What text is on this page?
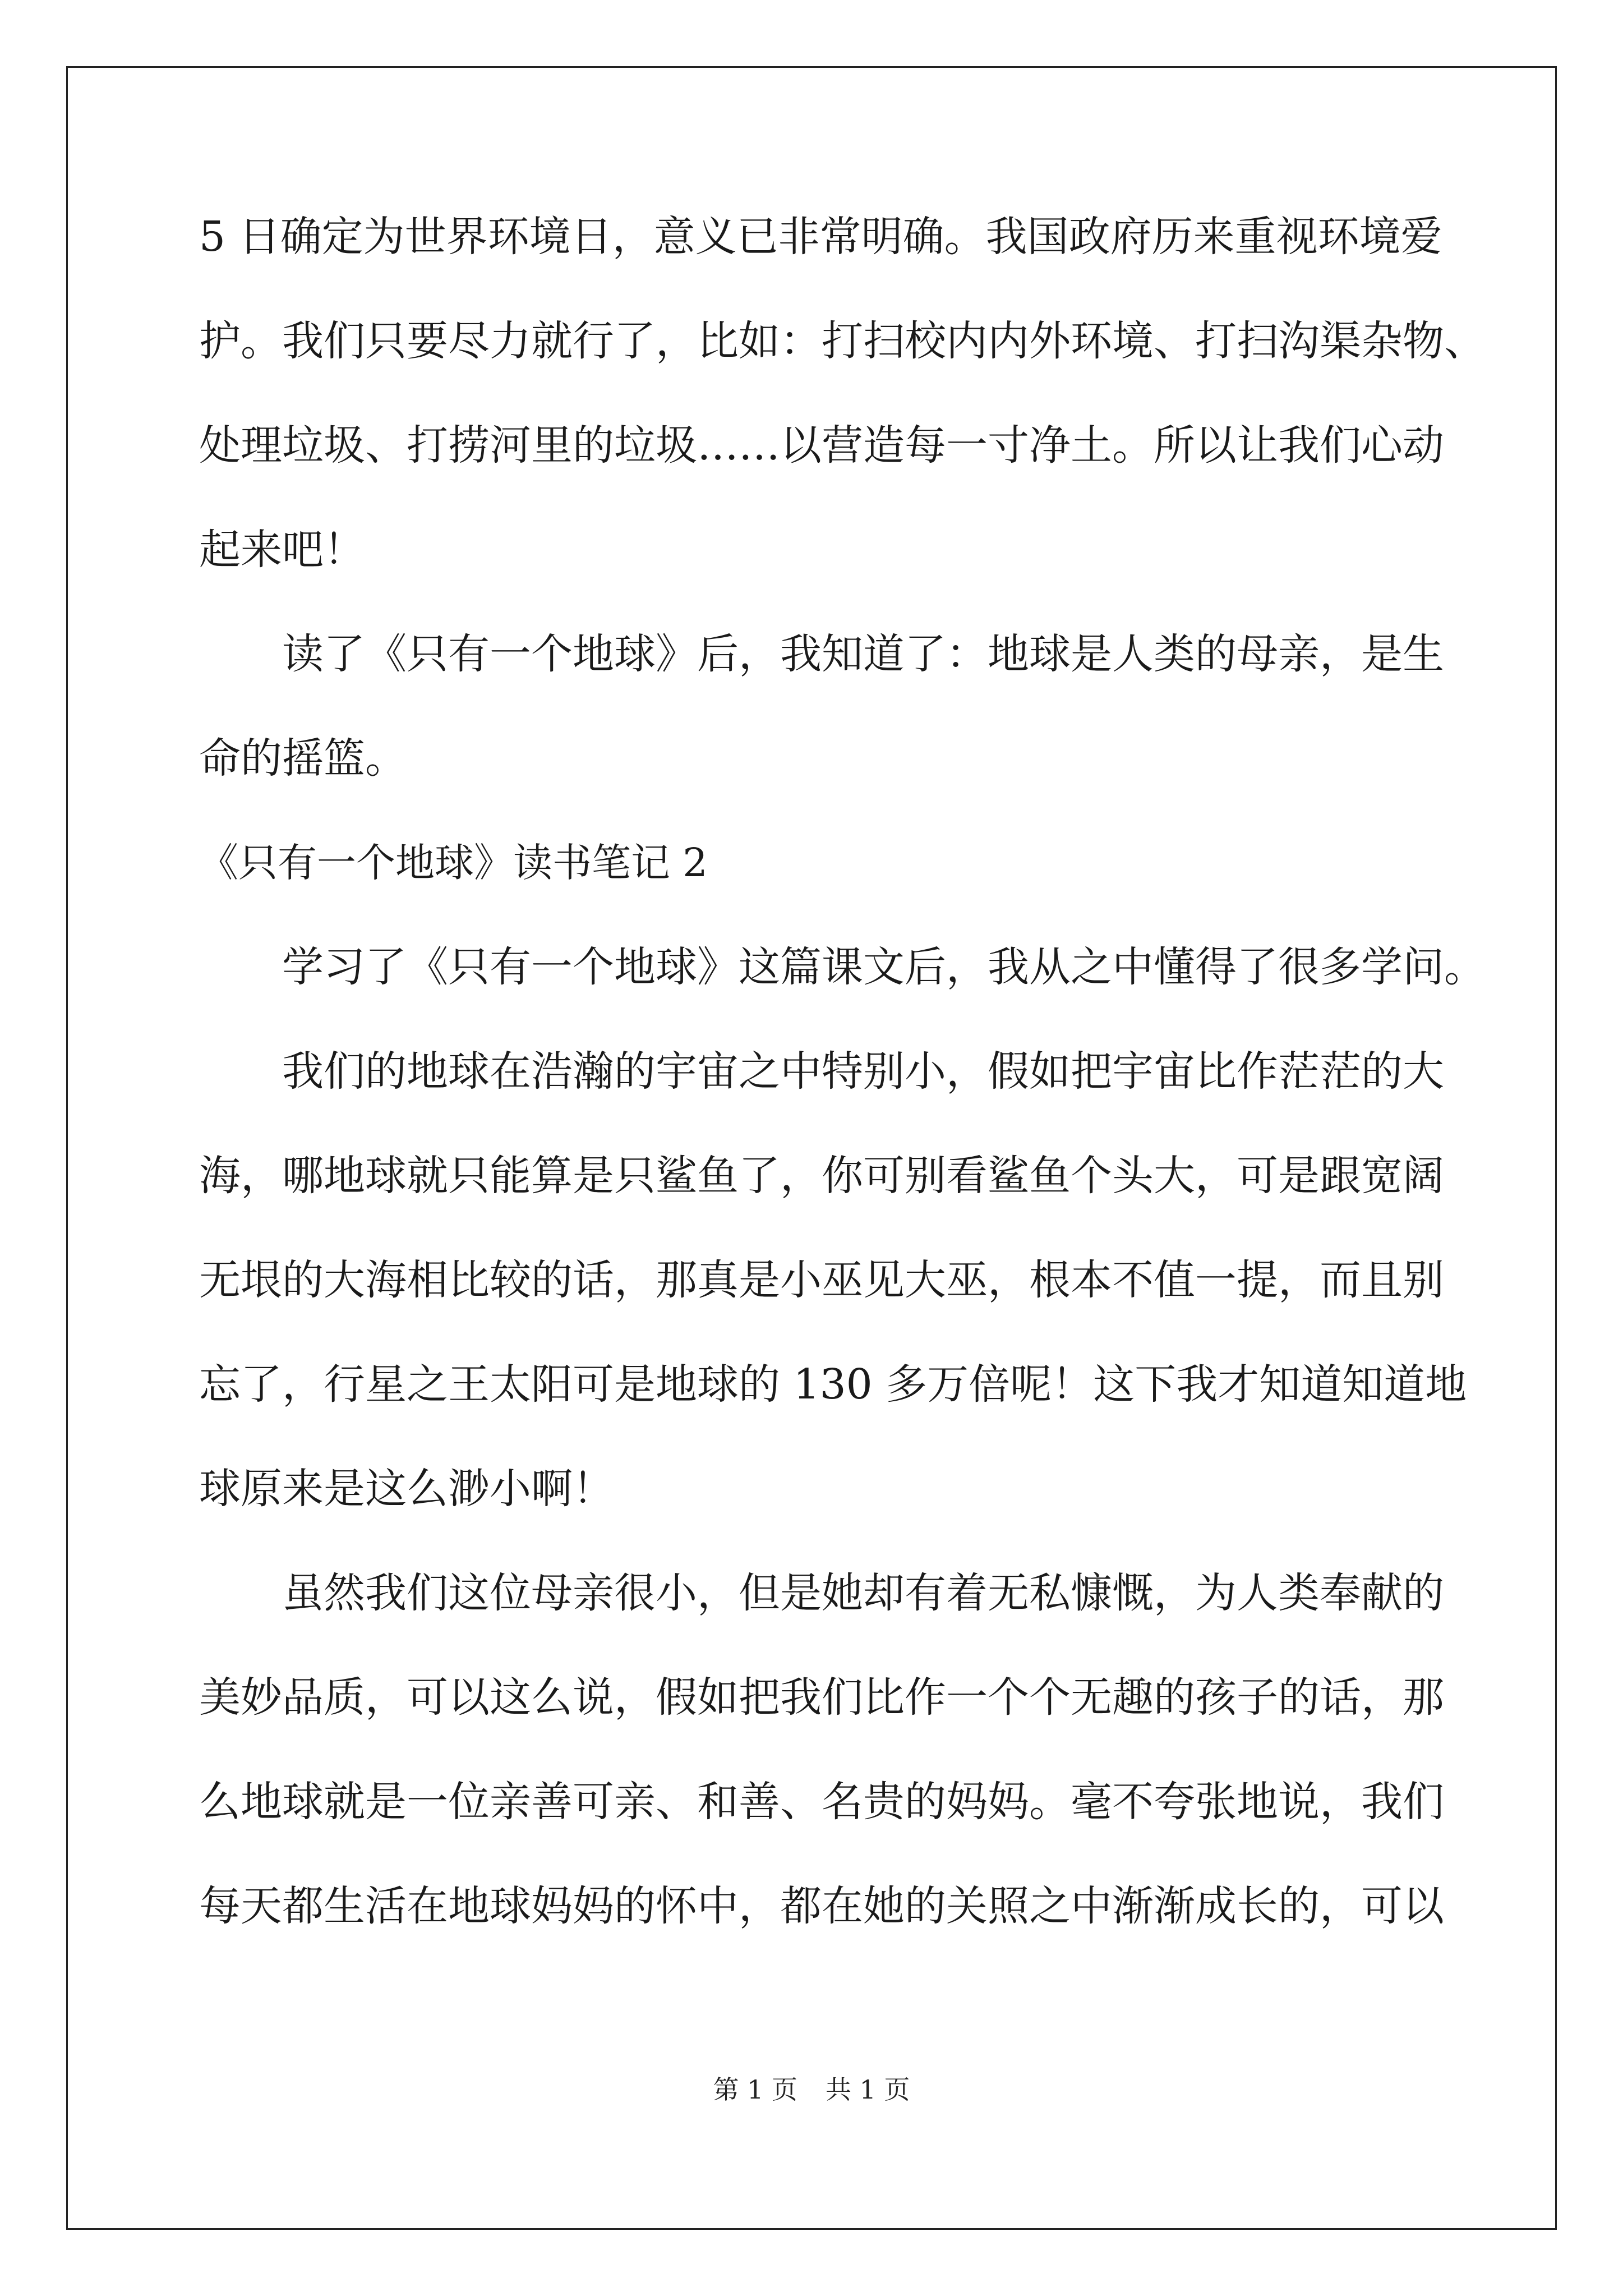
5 日确定为世界环境日，意义已非常明确。我国政府历来重视环境爱
护。我们只要尽力就行了，比如：打扫校内内外环境、打扫沟渠杂物、
处理垃圾、打捞河里的垃圾……以营造每一寸净土。所以让我们心动
起来吧！
读了《只有一个地球》后，我知道了：地球是人类的母亲，是生
命的摇篮。
《只有一个地球》读书笔记 2
学习了《只有一个地球》这篇课文后，我从之中懂得了很多学问。
我们的地球在浩瀚的宇宙之中特别小，假如把宇宙比作茫茫的大
海，哪地球就只能算是只鲨鱼了，你可别看鲨鱼个头大，可是跟宽阔
无垠的大海相比较的话，那真是小巫见大巫，根本不值一提，而且别
忘了，行星之王太阳可是地球的 130 多万倍呢！这下我才知道知道地
球原来是这么渺小啊！
虽然我们这位母亲很小，但是她却有着无私慷慨，为人类奉献的
美妙品质，可以这么说，假如把我们比作一个个无趣的孩子的话，那
么地球就是一位亲善可亲、和善、名贵的妈妈。毫不夸张地说，我们
每天都生活在地球妈妈的怀中，都在她的关照之中渐渐成长的，可以
第 1 页 共 1 页
